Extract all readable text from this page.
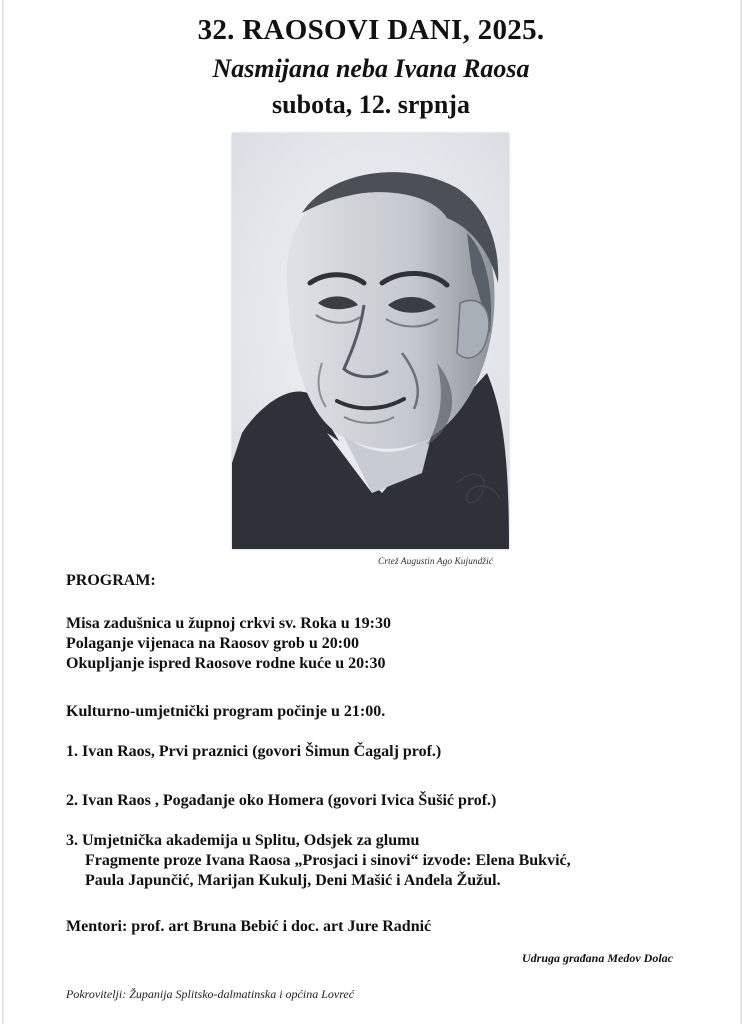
32. RAOSOVI DANI, 2025.
Nasmijana neba Ivana Raosa
subota, 12. srpnja
Crtež Augustin Ago Kujundžić
PROGRAM:
Misa zadušnica u župnoj crkvi sv. Roka u 19:30
Polaganje vijenaca na Raosov grob u 20:00
Okupljanje ispred Raosove rodne kuće u 20:30
Kulturno-umjetnički program počinje u 21:00.
1. Ivan Raos, Prvi praznici (govori Šimun Čagalj prof.)
2. Ivan Raos , Pogađanje oko Homera (govori Ivica Šušić prof.)
3. Umjetnička akademija u Splitu, Odsjek za glumu
Fragmente proze Ivana Raosa „Prosjaci i sinovi“ izvode: Elena Bukvić,
Paula Japunčić, Marijan Kukulj, Deni Mašić i Anđela Žužul.
Mentori: prof. art Bruna Bebić i doc. art Jure Radnić
Udruga građana Medov Dolac
Pokrovitelji: Županija Splitsko-dalmatinska i općina Lovreć
